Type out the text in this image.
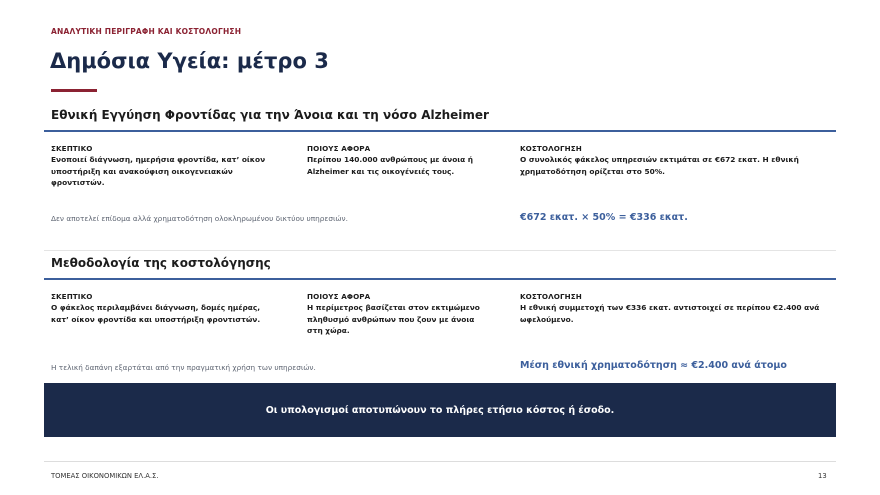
ΑΝΑΛΥΤΙΚΗ ΠΕΡΙΓΡΑΦΗ ΚΑΙ ΚΟΣΤΟΛΟΓΗΣΗ
Δημόσια Υγεία: μέτρο 3
Εθνική Εγγύηση Φροντίδας για την Άνοια και τη νόσο Alzheimer
ΣΚΕΠΤΙΚΟ
Ενοποιεί διάγνωση, ημερήσια φροντίδα, κατ’ οίκον υποστήριξη και ανακούφιση οικογενειακών φροντιστών.
ΠΟΙΟΥΣ ΑΦΟΡΑ
Περίπου 140.000 ανθρώπους με άνοια ή Alzheimer και τις οικογένειές τους.
ΚΟΣΤΟΛΟΓΗΣΗ
Ο συνολικός φάκελος υπηρεσιών εκτιμάται σε €672 εκατ. Η εθνική χρηματοδότηση ορίζεται στο 50%.
Δεν αποτελεί επίδομα αλλά χρηματοδότηση ολοκληρωμένου δικτύου υπηρεσιών.	€672 εκατ. × 50% = €336 εκατ.
Μεθοδολογία της κοστολόγησης
ΣΚΕΠΤΙΚΟ
Ο φάκελος περιλαμβάνει διάγνωση, δομές ημέρας, κατ’ οίκον φροντίδα και υποστήριξη φροντιστών.
ΠΟΙΟΥΣ ΑΦΟΡΑ
Η περίμετρος βασίζεται στον εκτιμώμενο πληθυσμό ανθρώπων που ζουν με άνοια στη χώρα.
ΚΟΣΤΟΛΟΓΗΣΗ
Η εθνική συμμετοχή των €336 εκατ. αντιστοιχεί σε περίπου €2.400 ανά ωφελούμενο.
Η τελική δαπάνη εξαρτάται από την πραγματική χρήση των υπηρεσιών.	Μέση εθνική χρηματοδότηση ≈ €2.400 ανά άτομο
Οι υπολογισμοί αποτυπώνουν το πλήρες ετήσιο κόστος ή έσοδο.
ΤΟΜΕΑΣ ΟΙΚΟΝΟΜΙΚΩΝ ΕΛ.Α.Σ.	13
